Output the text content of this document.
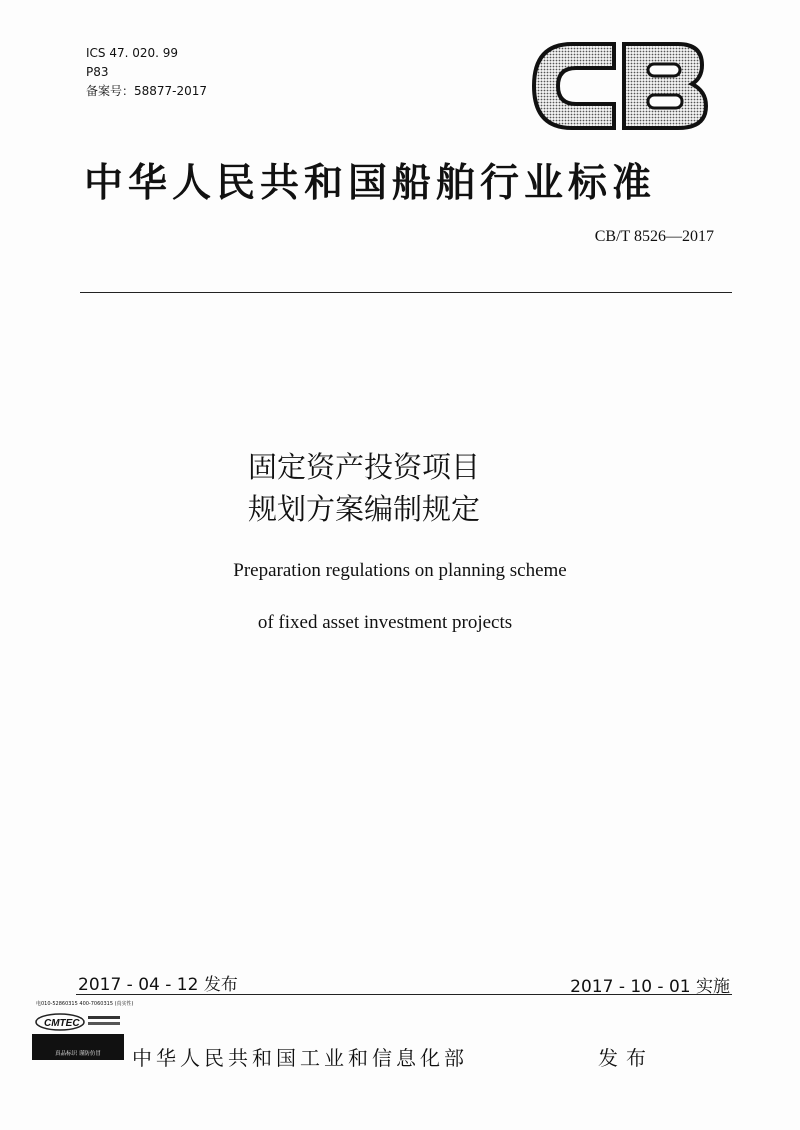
ICS 47. 020. 99
P83
备案号：58877-2017
中华人民共和国船舶行业标准
CB/T 8526—2017
固定资产投资项目
规划方案编制规定
Preparation regulations on planning scheme
of fixed asset investment projects
2017 - 04 - 12 发布	2017 - 10 - 01 实施
电010-52860315 400-7060315 (真实性)
CMTEC
真品标识 谨防仿冒	中华人民共和国工业和信息化部	发布
